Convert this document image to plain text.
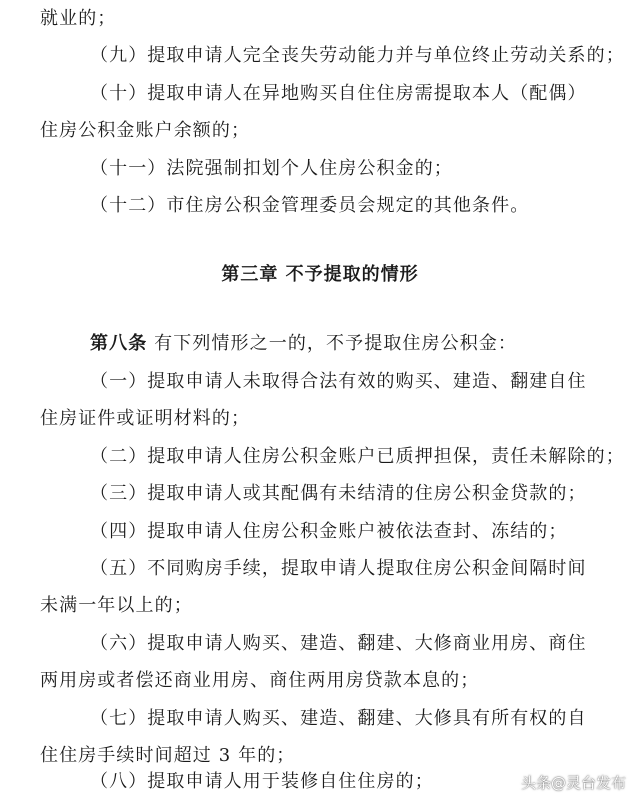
就业的；
（九）提取申请人完全丧失劳动能力并与单位终止劳动关系的；
（十）提取申请人在异地购买自住住房需提取本人（配偶）
住房公积金账户余额的；
（十一）法院强制扣划个人住房公积金的；
（十二）市住房公积金管理委员会规定的其他条件。
第三章 不予提取的情形
第八条 有下列情形之一的，不予提取住房公积金：
（一）提取申请人未取得合法有效的购买、建造、翻建自住
住房证件或证明材料的；
（二）提取申请人住房公积金账户已质押担保，责任未解除的；
（三）提取申请人或其配偶有未结清的住房公积金贷款的；
（四）提取申请人住房公积金账户被依法查封、冻结的；
（五）不同购房手续，提取申请人提取住房公积金间隔时间
未满一年以上的；
（六）提取申请人购买、建造、翻建、大修商业用房、商住
两用房或者偿还商业用房、商住两用房贷款本息的；
（七）提取申请人购买、建造、翻建、大修具有所有权的自
住住房手续时间超过 3 年的；
（八）提取申请人用于装修自住住房的；	头条@灵台发布
